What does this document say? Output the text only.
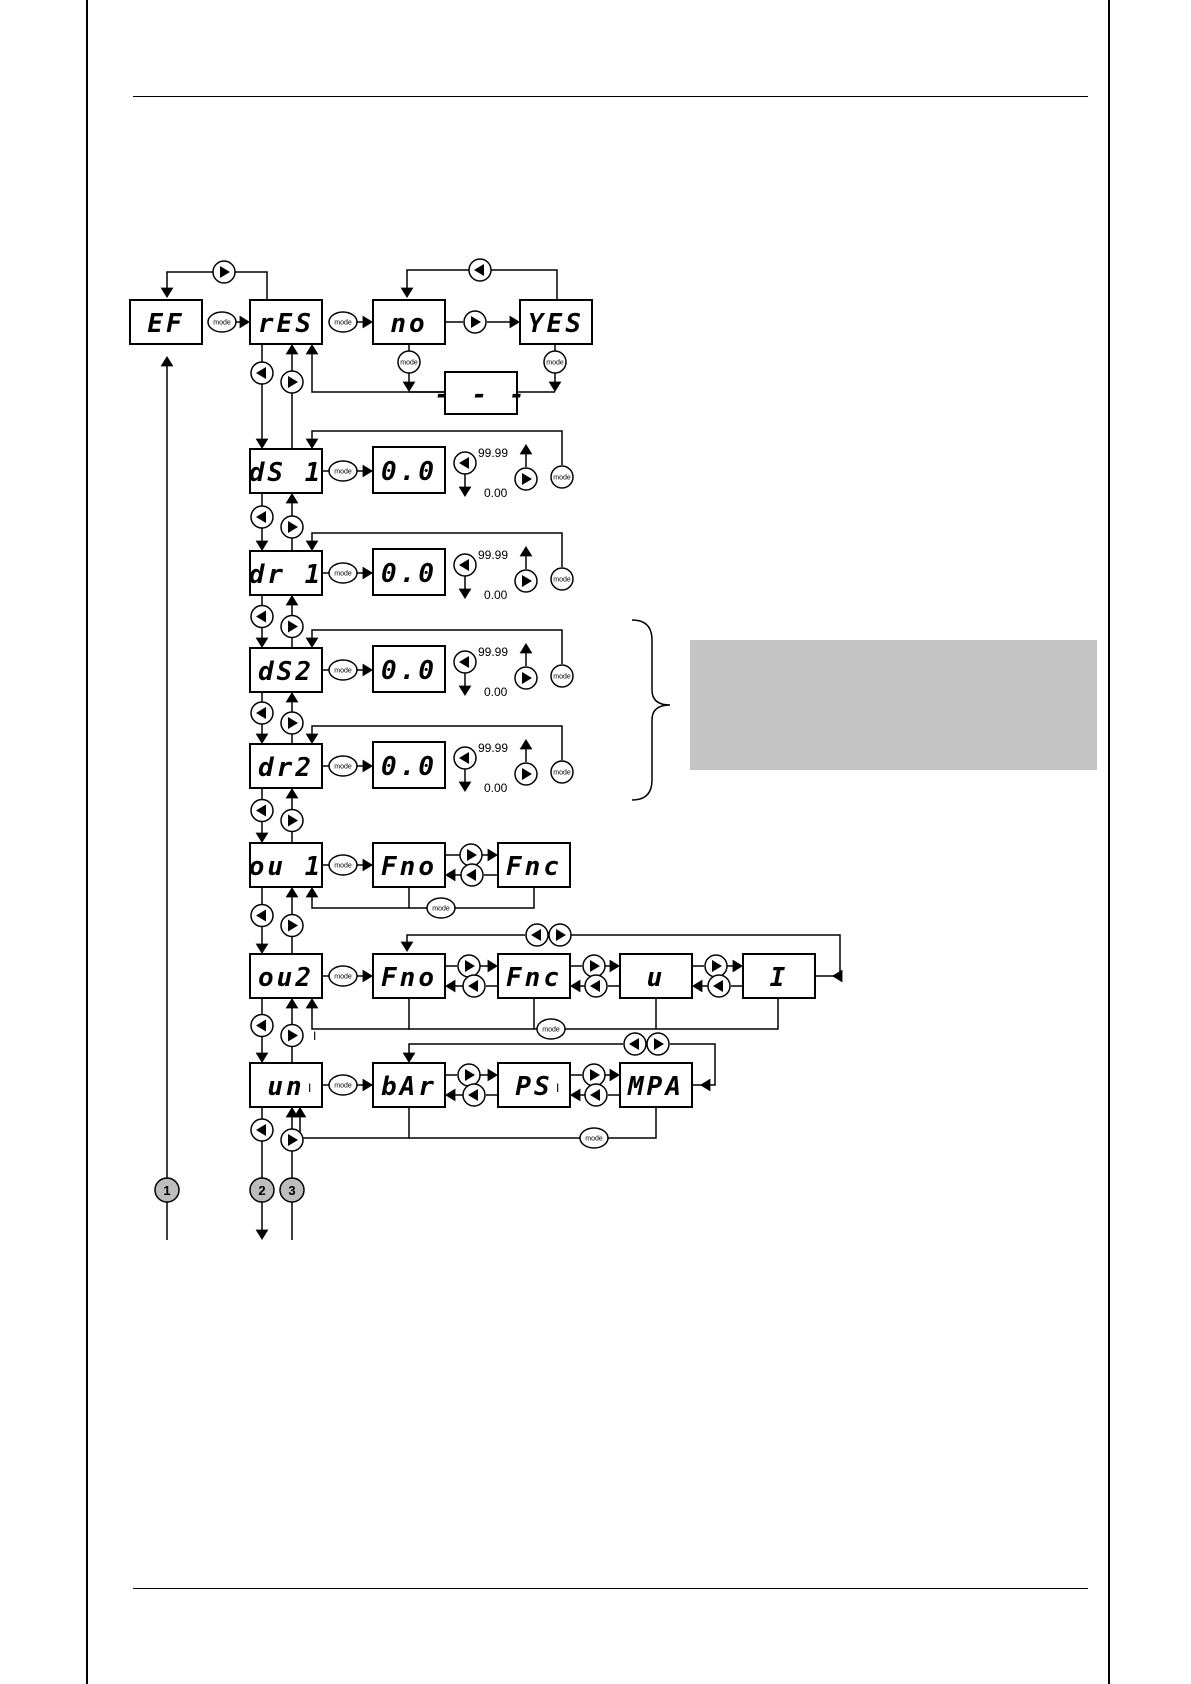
EF	rES	no	YES
- - -
dS 1
dr 1
dS2
dr2
ou 1
ou2
un I
0.0
0.0
0.0
0.0
Fno	Fnc
Fno	Fnc	u	I
bAr	PS I	MPA
mode	mode
mode	mode
mode
mode
mode
mode
mode
mode
mode
mode
mode
mode
mode
mode
mode
mode
1	2 3
I
99.99
0.00
99.99
0.00
99.99
0.00
99.99
0.00
